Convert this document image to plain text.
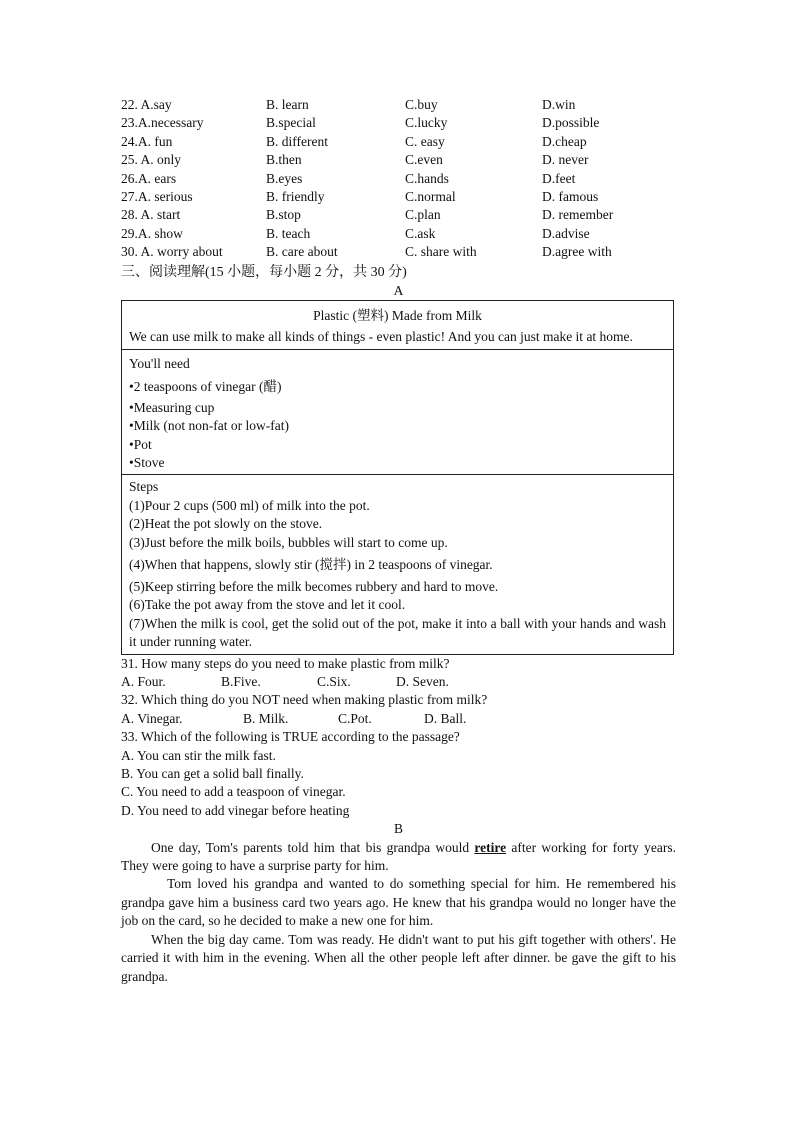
22. A.say	B. learn	C.buy	D.win
23.A.necessary	B.special	C.lucky	D.possible
24.A. fun	B. different	C. easy	D.cheap
25. A. only	B.then	C.even	D. never
26.A. ears	B.eyes	C.hands	D.feet
27.A. serious	B. friendly	C.normal	D. famous
28. A. start	B.stop	C.plan	D. remember
29.A. show	B. teach	C.ask	D.advise
30. A. worry about	B. care about	C. share with	D.agree with
三、阅读理解(15 小题，每小题 2 分，共 30 分)
A
Plastic (塑料) Made from Milk
We can use milk to make all kinds of things - even plastic! And you can just make it at home.

You'll need
•2 teaspoons of vinegar (醋)
•Measuring cup
•Milk (not non-fat or low-fat)
•Pot
•Stove

Steps
(1)Pour 2 cups (500 ml) of milk into the pot.
(2)Heat the pot slowly on the stove.
(3)Just before the milk boils, bubbles will start to come up.
(4)When that happens, slowly stir (搅拌) in 2 teaspoons of vinegar.
(5)Keep stirring before the milk becomes rubbery and hard to move.
(6)Take the pot away from the stove and let it cool.
(7)When the milk is cool, get the solid out of the pot, make it into a ball with your hands and wash it under running water.
31. How many steps do you need to make plastic from milk?
A. Four.	B.Five.	C.Six.	D. Seven.
32. Which thing do you NOT need when making plastic from milk?
A. Vinegar.	B. Milk.	C.Pot.	D. Ball.
33. Which of the following is TRUE according to the passage?
A. You can stir the milk fast.
B. You can get a solid ball finally.
C. You need to add a teaspoon of vinegar.
D. You need to add vinegar before heating
B
One day, Tom's parents told him that bis grandpa would retire after working for forty years. They were going to have a surprise party for him.
Tom loved his grandpa and wanted to do something special for him. He remembered his grandpa gave him a business card two years ago. He knew that his grandpa would no longer have the job on the card, so he decided to make a new one for him.
When the big day came. Tom was ready. He didn't want to put his gift together with others'. He carried it with him in the evening. When all the other people left after dinner. be gave the gift to his grandpa.
